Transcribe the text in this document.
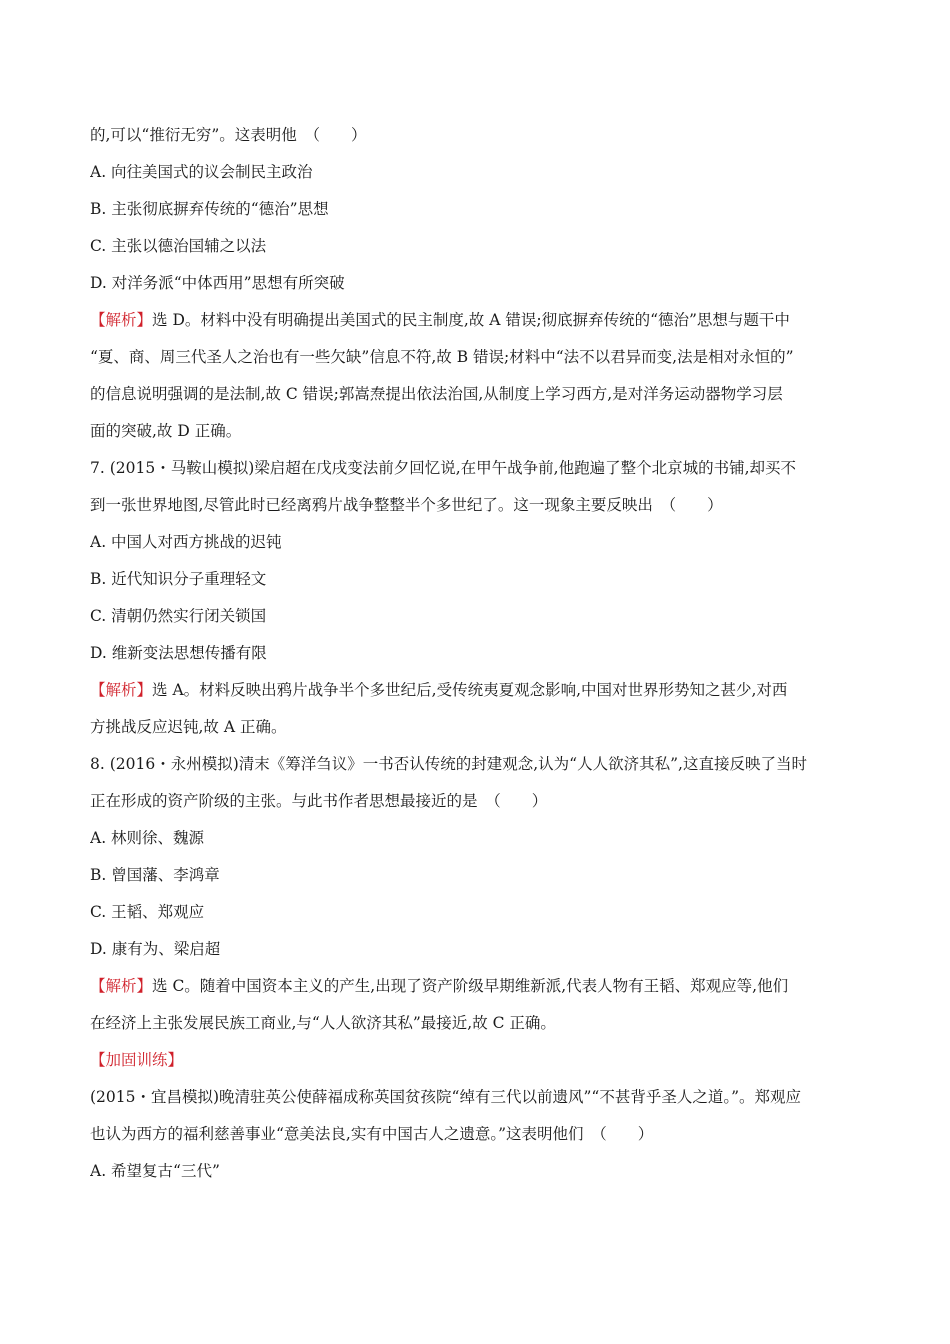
的,可以“推衍无穷”。这表明他　（　　）
A. 向往美国式的议会制民主政治
B. 主张彻底摒弃传统的“德治”思想
C. 主张以德治国辅之以法
D. 对洋务派“中体西用”思想有所突破
【解析】选 D。材料中没有明确提出美国式的民主制度,故 A 错误;彻底摒弃传统的“德治”思想与题干中
“夏、商、周三代圣人之治也有一些欠缺”信息不符,故 B 错误;材料中“法不以君异而变,法是相对永恒的”
的信息说明强调的是法制,故 C 错误;郭嵩焘提出依法治国,从制度上学习西方,是对洋务运动器物学习层
面的突破,故 D 正确。
7. (2015・马鞍山模拟)梁启超在戊戌变法前夕回忆说,在甲午战争前,他跑遍了整个北京城的书铺,却买不
到一张世界地图,尽管此时已经离鸦片战争整整半个多世纪了。这一现象主要反映出　（　　）
A. 中国人对西方挑战的迟钝
B. 近代知识分子重理轻文
C. 清朝仍然实行闭关锁国
D. 维新变法思想传播有限
【解析】选 A。材料反映出鸦片战争半个多世纪后,受传统夷夏观念影响,中国对世界形势知之甚少,对西
方挑战反应迟钝,故 A 正确。
8. (2016・永州模拟)清末《筹洋刍议》一书否认传统的封建观念,认为“人人欲济其私”,这直接反映了当时
正在形成的资产阶级的主张。与此书作者思想最接近的是　（　　）
A. 林则徐、魏源
B. 曾国藩、李鸿章
C. 王韬、郑观应
D. 康有为、梁启超
【解析】选 C。随着中国资本主义的产生,出现了资产阶级早期维新派,代表人物有王韬、郑观应等,他们
在经济上主张发展民族工商业,与“人人欲济其私”最接近,故 C 正确。
【加固训练】
(2015・宜昌模拟)晚清驻英公使薛福成称英国贫孩院“绰有三代以前遗风”“不甚背乎圣人之道。”。郑观应
也认为西方的福利慈善事业“意美法良,实有中国古人之遗意。”这表明他们　（　　）
A. 希望复古“三代”
